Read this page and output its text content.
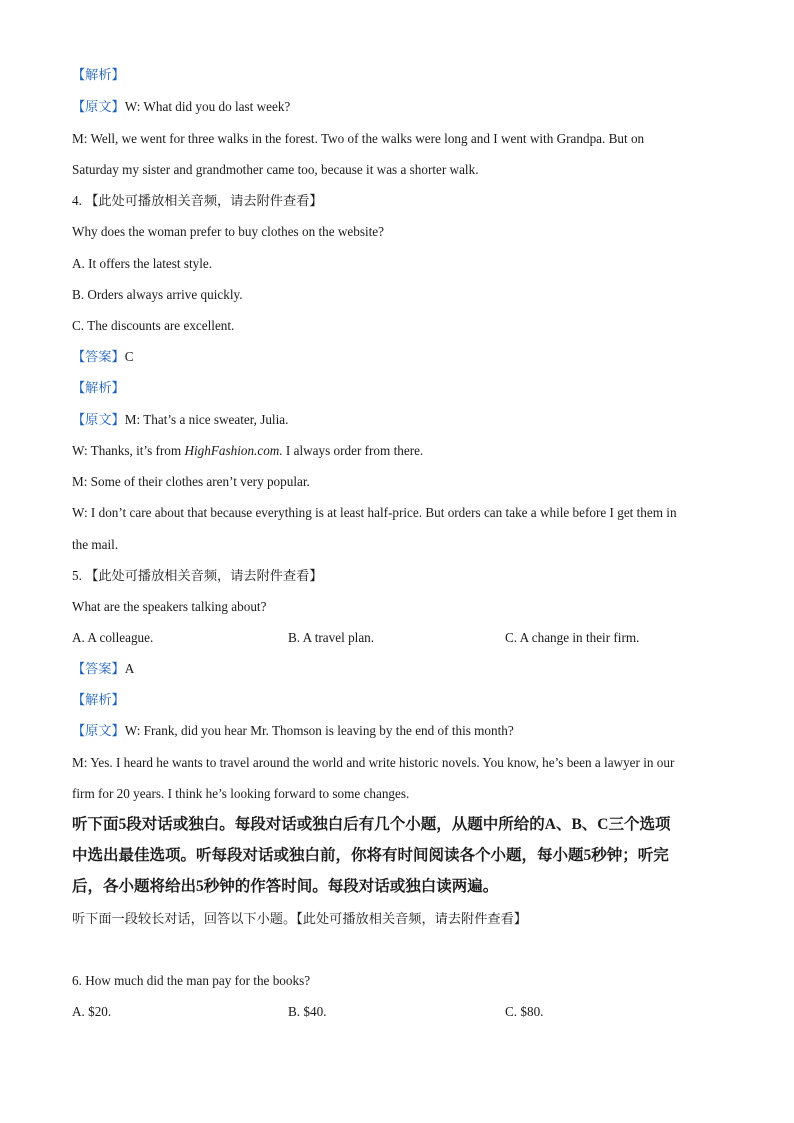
【解析】
【原文】W: What did you do last week?
M: Well, we went for three walks in the forest. Two of the walks were long and I went with Grandpa. But on
Saturday my sister and grandmother came too, because it was a shorter walk.
4. 【此处可播放相关音频，请去附件查看】
Why does the woman prefer to buy clothes on the website?
A. It offers the latest style.
B. Orders always arrive quickly.
C. The discounts are excellent.
【答案】C
【解析】
【原文】M: That’s a nice sweater, Julia.
W: Thanks, it’s from HighFashion.com. I always order from there.
M: Some of their clothes aren’t very popular.
W: I don’t care about that because everything is at least half-price. But orders can take a while before I get them in
the mail.
5. 【此处可播放相关音频，请去附件查看】
What are the speakers talking about?
A. A colleague.	B. A travel plan.	C. A change in their firm.
【答案】A
【解析】
【原文】W: Frank, did you hear Mr. Thomson is leaving by the end of this month?
M: Yes. I heard he wants to travel around the world and write historic novels. You know, he’s been a lawyer in our
firm for 20 years. I think he’s looking forward to some changes.
听下面5段对话或独白。每段对话或独白后有几个小题，从题中所给的A、B、C三个选项
中选出最佳选项。听每段对话或独白前，你将有时间阅读各个小题，每小题5秒钟；听完
后，各小题将给出5秒钟的作答时间。每段对话或独白读两遍。
听下面一段较长对话，回答以下小题。【此处可播放相关音频，请去附件查看】
6. How much did the man pay for the books?
A. $20.	B. $40.	C. $80.
